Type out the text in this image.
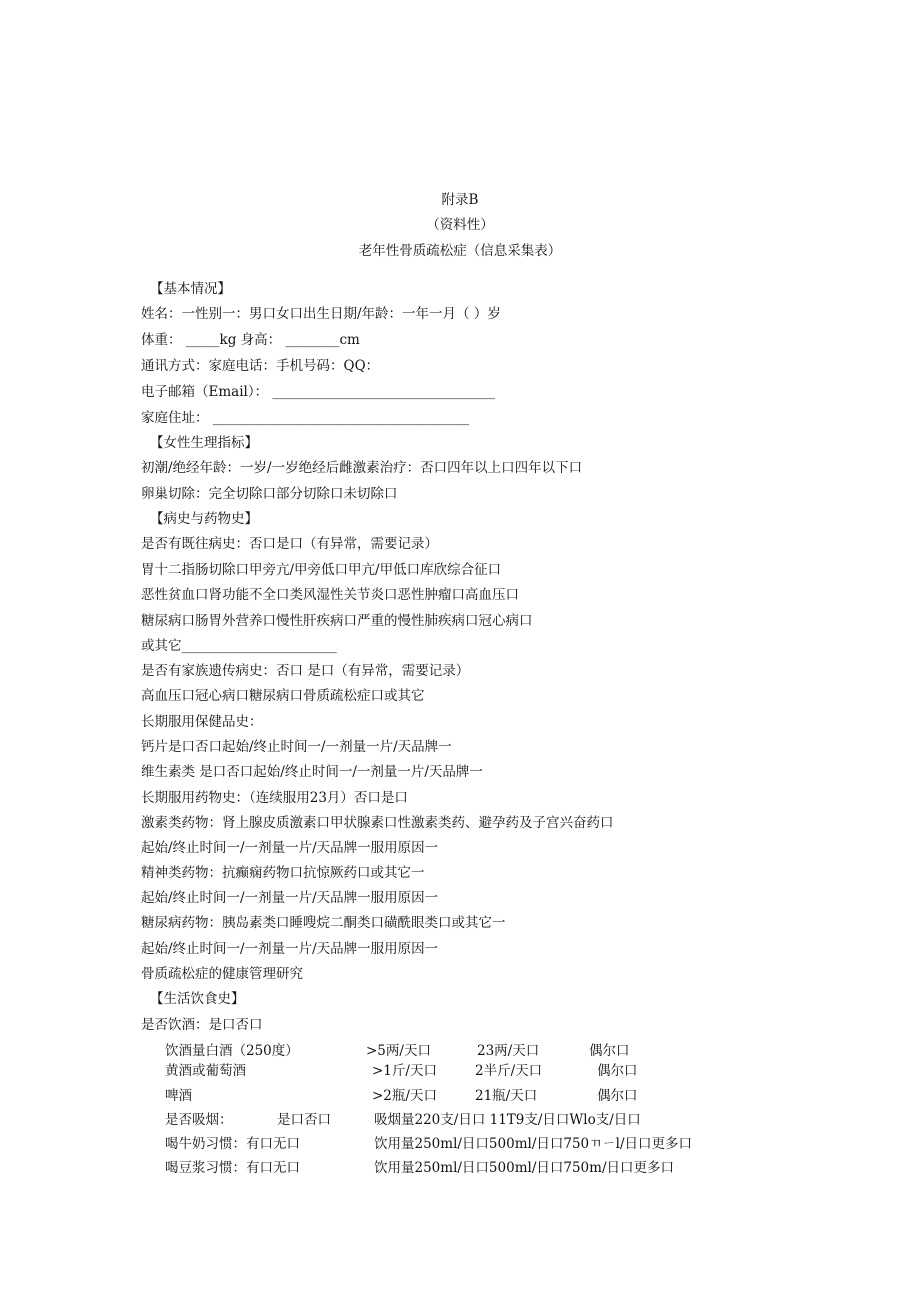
附录B
（资料性）
老年性骨质疏松症（信息采集表）
【基本情况】
姓名：一性别一：男口女口出生日期/年龄：一年一月（ ）岁
体重： _____kg 身高： ________cm
通讯方式：家庭电话：手机号码：QQ：
电子邮箱（Email）： _________________________________
家庭住址： ______________________________________
【女性生理指标】
初潮/绝经年龄：一岁/一岁绝经后雌激素治疗：否口四年以上口四年以下口
卵巢切除：完全切除口部分切除口未切除口
【病史与药物史】
是否有既往病史：否口是口（有异常，需要记录）
胃十二指肠切除口甲旁亢/甲旁低口甲亢/甲低口库欣综合征口
恶性贫血口肾功能不全口类风湿性关节炎口恶性肿瘤口高血压口
糖尿病口肠胃外营养口慢性肝疾病口严重的慢性肺疾病口冠心病口
或其它_______________________
是否有家族遗传病史：否口 是口（有异常，需要记录）
高血压口冠心病口糖尿病口骨质疏松症口或其它
长期服用保健品史：
钙片是口否口起始/终止时间一/一剂量一片/天品牌一
维生素类 是口否口起始/终止时间一/一剂量一片/天品牌一
长期服用药物史：（连续服用23月）否口是口
激素类药物：肾上腺皮质激素口甲状腺素口性激素类药、避孕药及子宫兴奋药口
起始/终止时间一/一剂量一片/天品牌一服用原因一
精神类药物：抗癫痫药物口抗惊厥药口或其它一
起始/终止时间一/一剂量一片/天品牌一服用原因一
糖尿病药物：胰岛素类口睡嗖烷二酮类口磺酰眼类口或其它一
起始/终止时间一/一剂量一片/天品牌一服用原因一
骨质疏松症的健康管理研究
【生活饮食史】
是否饮酒：是口否口
饮酒量白酒（250度）	>5两/天口	23两/天口	偶尔口
黄酒或葡萄酒	>1斤/天口	2半斤/天口	偶尔口
啤酒	>2瓶/天口	21瓶/天口	偶尔口
是否吸烟：	是口否口	吸烟量220支/日口 11T9支/日口Wlo支/日口
喝牛奶习惯：有口无口	饮用量250ml/日口500ml/日口750ㄲㄧl/日口更多口
喝豆浆习惯：有口无口	饮用量250ml/日口500ml/日口750m/日口更多口
